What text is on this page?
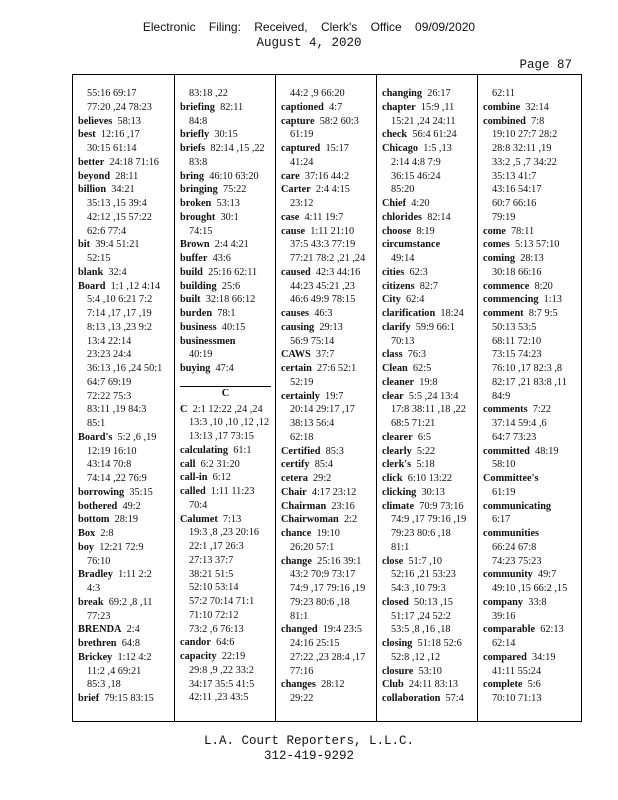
Electronic Filing: Received, Clerk's Office 09/09/2020
August 4, 2020
Page 87
55:16 69:17
77:20 ,24 78:23
believes 58:13
best 12:16 ,17
30:15 61:14
better 24:18 71:16
beyond 28:11
billion 34:21
35:13 ,15 39:4
42:12 ,15 57:22
62:6 77:4
bit 39:4 51:21
52:15
blank 32:4
Board 1:1 ,12 4:14
5:4 ,10 6:21 7:2
7:14 ,17 ,17 ,19
8:13 ,13 ,23 9:2
13:4 22:14
23:23 24:4
36:13 ,16 ,24 50:1
64:7 69:19
72:22 75:3
83:11 ,19 84:3
85:1
Board's 5:2 ,6 ,19
12:19 16:10
43:14 70:8
74:14 ,22 76:9
borrowing 35:15
bothered 49:2
bottom 28:19
Box 2:8
boy 12:21 72:9
76:10
Bradley 1:11 2:2
4:3
break 69:2 ,8 ,11
77:23
BRENDA 2:4
brethren 64:8
Brickey 1:12 4:2
11:2 ,4 69:21
85:3 ,18
brief 79:15 83:15
83:18 ,22
briefing 82:11
84:8
briefly 30:15
briefs 82:14 ,15 ,22
83:8
bring 46:10 63:20
bringing 75:22
broken 53:13
brought 30:1
74:15
Brown 2:4 4:21
buffer 43:6
build 25:16 62:11
building 25:6
built 32:18 66:12
burden 78:1
business 40:15
businessmen
40:19
buying 47:4
C
C 2:1 12:22 ,24 ,24
13:3 ,10 ,10 ,12 ,12
13:13 ,17 73:15
calculating 61:1
call 6:2 31:20
call-in 6:12
called 1:11 11:23
70:4
Calumet 7:13
19:3 ,8 ,23 20:16
22:1 ,17 26:3
27:13 37:7
38:21 51:5
52:10 53:14
57:2 70:14 71:1
71:10 72:12
73:2 ,6 76:13
candor 64:6
capacity 22:19
29:8 ,9 ,22 33:2
34:17 35:5 41:5
42:11 ,23 43:5
44:2 ,9 66:20
captioned 4:7
capture 58:2 60:3
61:19
captured 15:17
41:24
care 37:16 44:2
Carter 2:4 4:15
23:12
case 4:11 19:7
cause 1:11 21:10
37:5 43:3 77:19
77:21 78:2 ,21 ,24
caused 42:3 44:16
44:23 45:21 ,23
46:6 49:9 78:15
causes 46:3
causing 29:13
56:9 75:14
CAWS 37:7
certain 27:6 52:1
52:19
certainly 19:7
20:14 29:17 ,17
38:13 56:4
62:18
Certified 85:3
certify 85:4
cetera 29:2
Chair 4:17 23:12
Chairman 23:16
Chairwoman 2:2
chance 19:10
26:20 57:1
change 25:16 39:1
43:2 70:9 73:17
74:9 ,17 79:16 ,19
79:23 80:6 ,18
81:1
changed 19:4 23:5
24:16 25:15
27:22 ,23 28:4 ,17
77:16
changes 28:12
29:22
changing 26:17
chapter 15:9 ,11
15:21 ,24 24:11
check 56:4 61:24
Chicago 1:5 ,13
2:14 4:8 7:9
36:15 46:24
85:20
Chief 4:20
chlorides 82:14
choose 8:19
circumstance
49:14
cities 62:3
citizens 82:7
City 62:4
clarification 18:24
clarify 59:9 66:1
70:13
class 76:3
Clean 62:5
cleaner 19:8
clear 5:5 ,24 13:4
17:8 38:11 ,18 ,22
68:5 71:21
clearer 6:5
clearly 5:22
clerk's 5:18
click 6:10 13:22
clicking 30:13
climate 70:9 73:16
74:9 ,17 79:16 ,19
79:23 80:6 ,18
81:1
close 51:7 ,10
52:16 ,21 53:23
54:3 ,10 79:3
closed 50:13 ,15
51:17 ,24 52:2
53:5 ,8 ,16 ,18
closing 51:18 52:6
52:8 ,12 ,12
closure 53:10
Club 24:11 83:13
collaboration 57:4
62:11
combine 32:14
combined 7:8
19:10 27:7 28:2
28:8 32:11 ,19
33:2 ,5 ,7 34:22
35:13 41:7
43:16 54:17
60:7 66:16
79:19
come 78:11
comes 5:13 57:10
coming 28:13
30:18 66:16
commence 8:20
commencing 1:13
comment 8:7 9:5
50:13 53:5
68:11 72:10
73:15 74:23
76:10 ,17 82:3 ,8
82:17 ,21 83:8 ,11
84:9
comments 7:22
37:14 59:4 ,6
64:7 73:23
committed 48:19
58:10
Committee's
61:19
communicating
6:17
communities
66:24 67:8
74:23 75:23
community 49:7
49:10 ,15 66:2 ,15
company 33:8
39:16
comparable 62:13
62:14
compared 34:19
41:11 55:24
complete 5:6
70:10 71:13
L.A. Court Reporters, L.L.C.
312-419-9292
